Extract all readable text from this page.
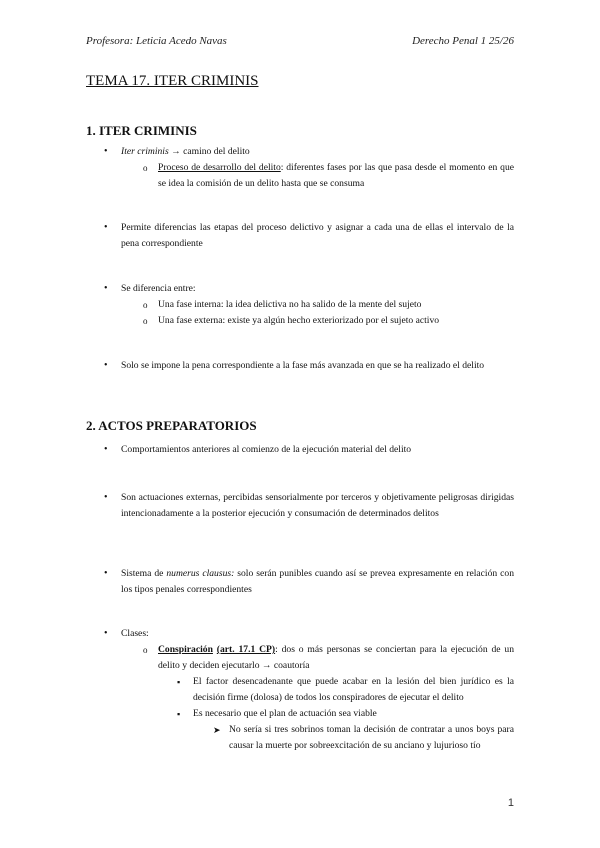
Profesora: Leticia Acedo Navas	Derecho Penal 1 25/26
TEMA 17. ITER CRIMINIS
1. ITER CRIMINIS
• Iter criminis → camino del delito
o Proceso de desarrollo del delito: diferentes fases por las que pasa desde el momento en que se idea la comisión de un delito hasta que se consuma
• Permite diferencias las etapas del proceso delictivo y asignar a cada una de ellas el intervalo de la pena correspondiente
• Se diferencia entre:
o Una fase interna: la idea delictiva no ha salido de la mente del sujeto
o Una fase externa: existe ya algún hecho exteriorizado por el sujeto activo
• Solo se impone la pena correspondiente a la fase más avanzada en que se ha realizado el delito
2. ACTOS PREPARATORIOS
• Comportamientos anteriores al comienzo de la ejecución material del delito
• Son actuaciones externas, percibidas sensorialmente por terceros y objetivamente peligrosas dirigidas intencionadamente a la posterior ejecución y consumación de determinados delitos
• Sistema de numerus clausus: solo serán punibles cuando así se prevea expresamente en relación con los tipos penales correspondientes
• Clases:
o Conspiración (art. 17.1 CP): dos o más personas se conciertan para la ejecución de un delito y deciden ejecutarlo → coautoría
▪ El factor desencadenante que puede acabar en la lesión del bien jurídico es la decisión firme (dolosa) de todos los conspiradores de ejecutar el delito
▪ Es necesario que el plan de actuación sea viable
➤ No sería si tres sobrinos toman la decisión de contratar a unos boys para causar la muerte por sobreexcitación de su anciano y lujurioso tío
1
